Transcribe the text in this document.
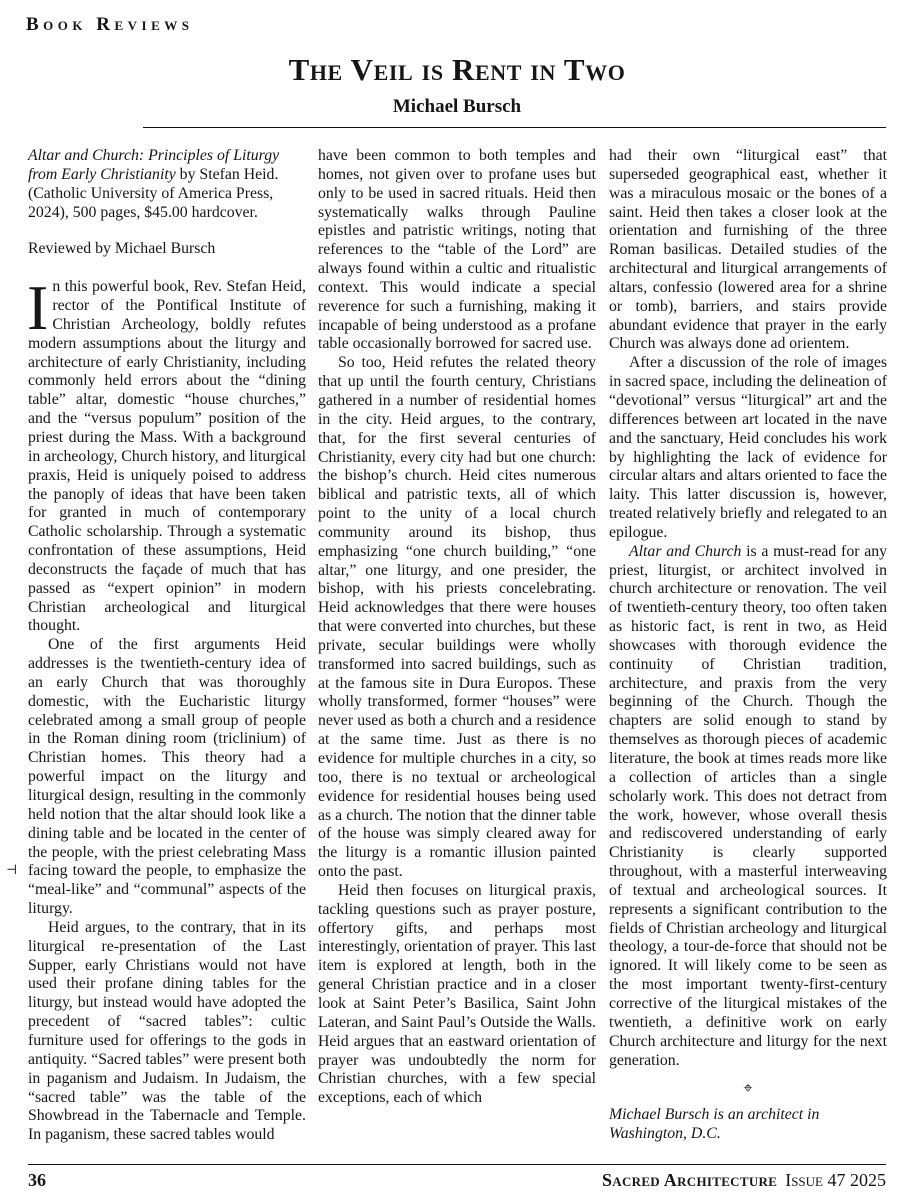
Book Reviews
The Veil is Rent in Two
Michael Bursch
⊣

Altar and Church: Principles of Liturgy from Early Christianity by Stefan Heid. (Catholic University of America Press, 2024), 500 pages, $45.00 hardcover.

Reviewed by Michael Bursch

In this powerful book, Rev. Stefan Heid, rector of the Pontifical Institute of Christian Archeology, boldly refutes modern assumptions about the liturgy and architecture of early Christianity, including commonly held errors about the “dining table” altar, domestic “house churches,” and the “versus populum” position of the priest during the Mass. With a background in archeology, Church history, and liturgical praxis, Heid is uniquely poised to address the panoply of ideas that have been taken for granted in much of contemporary Catholic scholarship. Through a systematic confrontation of these assumptions, Heid deconstructs the façade of much that has passed as “expert opinion” in modern Christian archeological and liturgical thought.

One of the first arguments Heid addresses is the twentieth-century idea of an early Church that was thoroughly domestic, with the Eucharistic liturgy celebrated among a small group of people in the Roman dining room (triclinium) of Christian homes. This theory had a powerful impact on the liturgy and liturgical design, resulting in the commonly held notion that the altar should look like a dining table and be located in the center of the people, with the priest celebrating Mass facing toward the people, to emphasize the “meal-like” and “communal” aspects of the liturgy.

Heid argues, to the contrary, that in its liturgical re-presentation of the Last Supper, early Christians would not have used their profane dining tables for the liturgy, but instead would have adopted the precedent of “sacred tables”: cultic furniture used for offerings to the gods in antiquity. “Sacred tables” were present both in paganism and Judaism. In Judaism, the “sacred table” was the table of the Showbread in the Tabernacle and Temple. In paganism, these sacred tables would

have been common to both temples and homes, not given over to profane uses but only to be used in sacred rituals. Heid then systematically walks through Pauline epistles and patristic writings, noting that references to the “table of the Lord” are always found within a cultic and ritualistic context. This would indicate a special reverence for such a furnishing, making it incapable of being understood as a profane table occasionally borrowed for sacred use.

So too, Heid refutes the related theory that up until the fourth century, Christians gathered in a number of residential homes in the city. Heid argues, to the contrary, that, for the first several centuries of Christianity, every city had but one church: the bishop’s church. Heid cites numerous biblical and patristic texts, all of which point to the unity of a local church community around its bishop, thus emphasizing “one church building,” “one altar,” one liturgy, and one presider, the bishop, with his priests concelebrating. Heid acknowledges that there were houses that were converted into churches, but these private, secular buildings were wholly transformed into sacred buildings, such as at the famous site in Dura Europos. These wholly transformed, former “houses” were never used as both a church and a residence at the same time. Just as there is no evidence for multiple churches in a city, so too, there is no textual or archeological evidence for residential houses being used as a church. The notion that the dinner table of the house was simply cleared away for the liturgy is a romantic illusion painted onto the past.

Heid then focuses on liturgical praxis, tackling questions such as prayer posture, offertory gifts, and perhaps most interestingly, orientation of prayer. This last item is explored at length, both in the general Christian practice and in a closer look at Saint Peter’s Basilica, Saint John Lateran, and Saint Paul’s Outside the Walls. Heid argues that an eastward orientation of prayer was undoubtedly the norm for Christian churches, with a few special exceptions, each of which

had their own “liturgical east” that superseded geographical east, whether it was a miraculous mosaic or the bones of a saint. Heid then takes a closer look at the orientation and furnishing of the three Roman basilicas. Detailed studies of the architectural and liturgical arrangements of altars, confessio (lowered area for a shrine or tomb), barriers, and stairs provide abundant evidence that prayer in the early Church was always done ad orientem.

After a discussion of the role of images in sacred space, including the delineation of “devotional” versus “liturgical” art and the differences between art located in the nave and the sanctuary, Heid concludes his work by highlighting the lack of evidence for circular altars and altars oriented to face the laity. This latter discussion is, however, treated relatively briefly and relegated to an epilogue.

Altar and Church is a must-read for any priest, liturgist, or architect involved in church architecture or renovation. The veil of twentieth-century theory, too often taken as historic fact, is rent in two, as Heid showcases with thorough evidence the continuity of Christian tradition, architecture, and praxis from the very beginning of the Church. Though the chapters are solid enough to stand by themselves as thorough pieces of academic literature, the book at times reads more like a collection of articles than a single scholarly work. This does not detract from the work, however, whose overall thesis and rediscovered understanding of early Christianity is clearly supported throughout, with a masterful interweaving of textual and archeological sources. It represents a significant contribution to the fields of Christian archeology and liturgical theology, a tour-de-force that should not be ignored. It will likely come to be seen as the most important twenty-first-century corrective of the liturgical mistakes of the twentieth, a definitive work on early Church architecture and liturgy for the next generation.

⌖

Michael Bursch is an architect in Washington, D.C.

36	Sacred Architecture Issue 47 2025
